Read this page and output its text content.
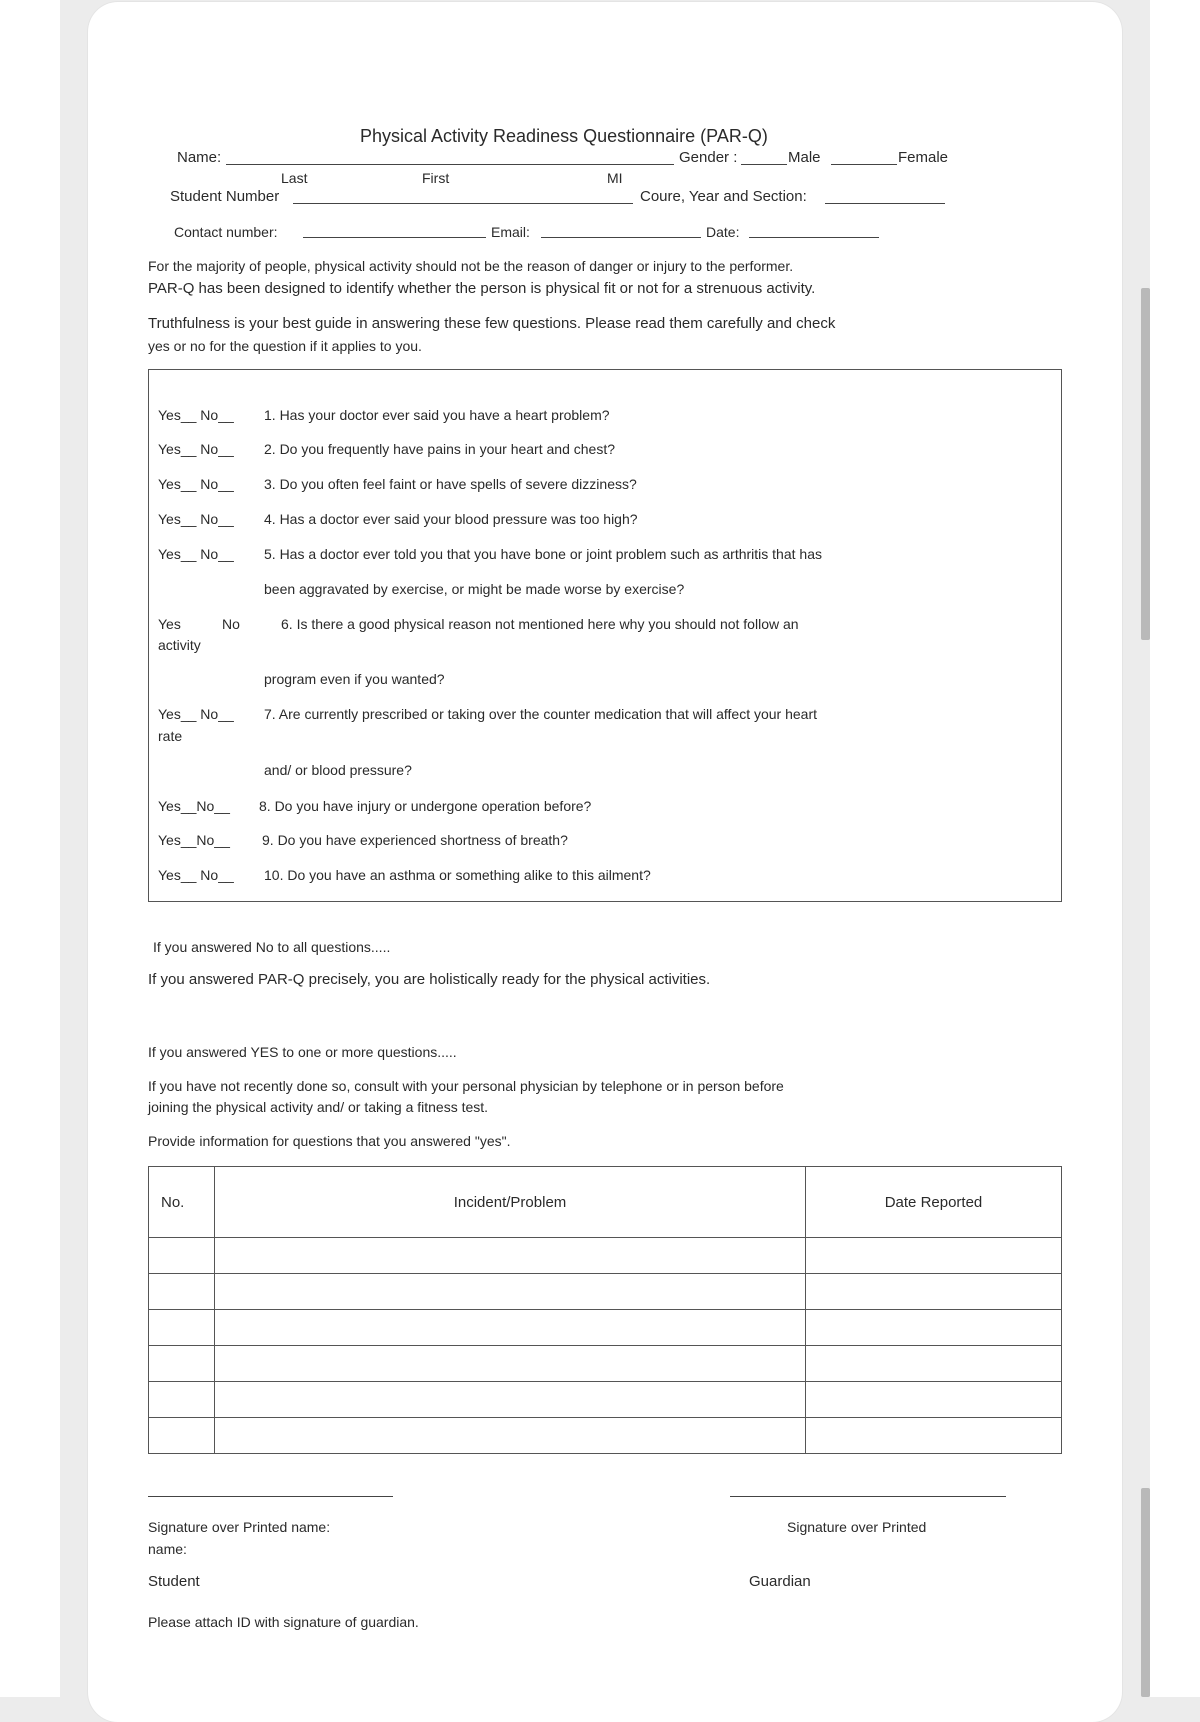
Physical Activity Readiness Questionnaire (PAR-Q)
Name:	Gender :	Male	Female
Last	First	MI
Student Number	Coure, Year and Section:
Contact number:	Email:	Date:
For the majority of people, physical activity should not be the reason of danger or injury to the performer.
PAR-Q has been designed to identify whether the person is physical fit or not for a strenuous activity.
Truthfulness is your best guide in answering these few questions. Please read them carefully and check
yes or no for the question if it applies to you.
Yes__ No__ 1. Has your doctor ever said you have a heart problem?
Yes__ No__ 2. Do you frequently have pains in your heart and chest?
Yes__ No__ 3. Do you often feel faint or have spells of severe dizziness?
Yes__ No__ 4. Has a doctor ever said your blood pressure was too high?
Yes__ No__ 5. Has a doctor ever told you that you have bone or joint problem such as arthritis that has
been aggravated by exercise, or might be made worse by exercise?
Yes	No	6. Is there a good physical reason not mentioned here why you should not follow an
activity
program even if you wanted?
Yes__ No__ 7. Are currently prescribed or taking over the counter medication that will affect your heart
rate
and/ or blood pressure?
Yes__No__ 8. Do you have injury or undergone operation before?
Yes__No__ 9. Do you have experienced shortness of breath?
Yes__ No__ 10. Do you have an asthma or something alike to this ailment?
If you answered No to all questions.....
If you answered PAR-Q precisely, you are holistically ready for the physical activities.
If you answered YES to one or more questions.....
If you have not recently done so, consult with your personal physician by telephone or in person before
joining the physical activity and/ or taking a fitness test.
Provide information for questions that you answered "yes".
No.	Incident/Problem	Date Reported

Signature over Printed name:
name:
Signature over Printed
Student	Guardian
Please attach ID with signature of guardian.
